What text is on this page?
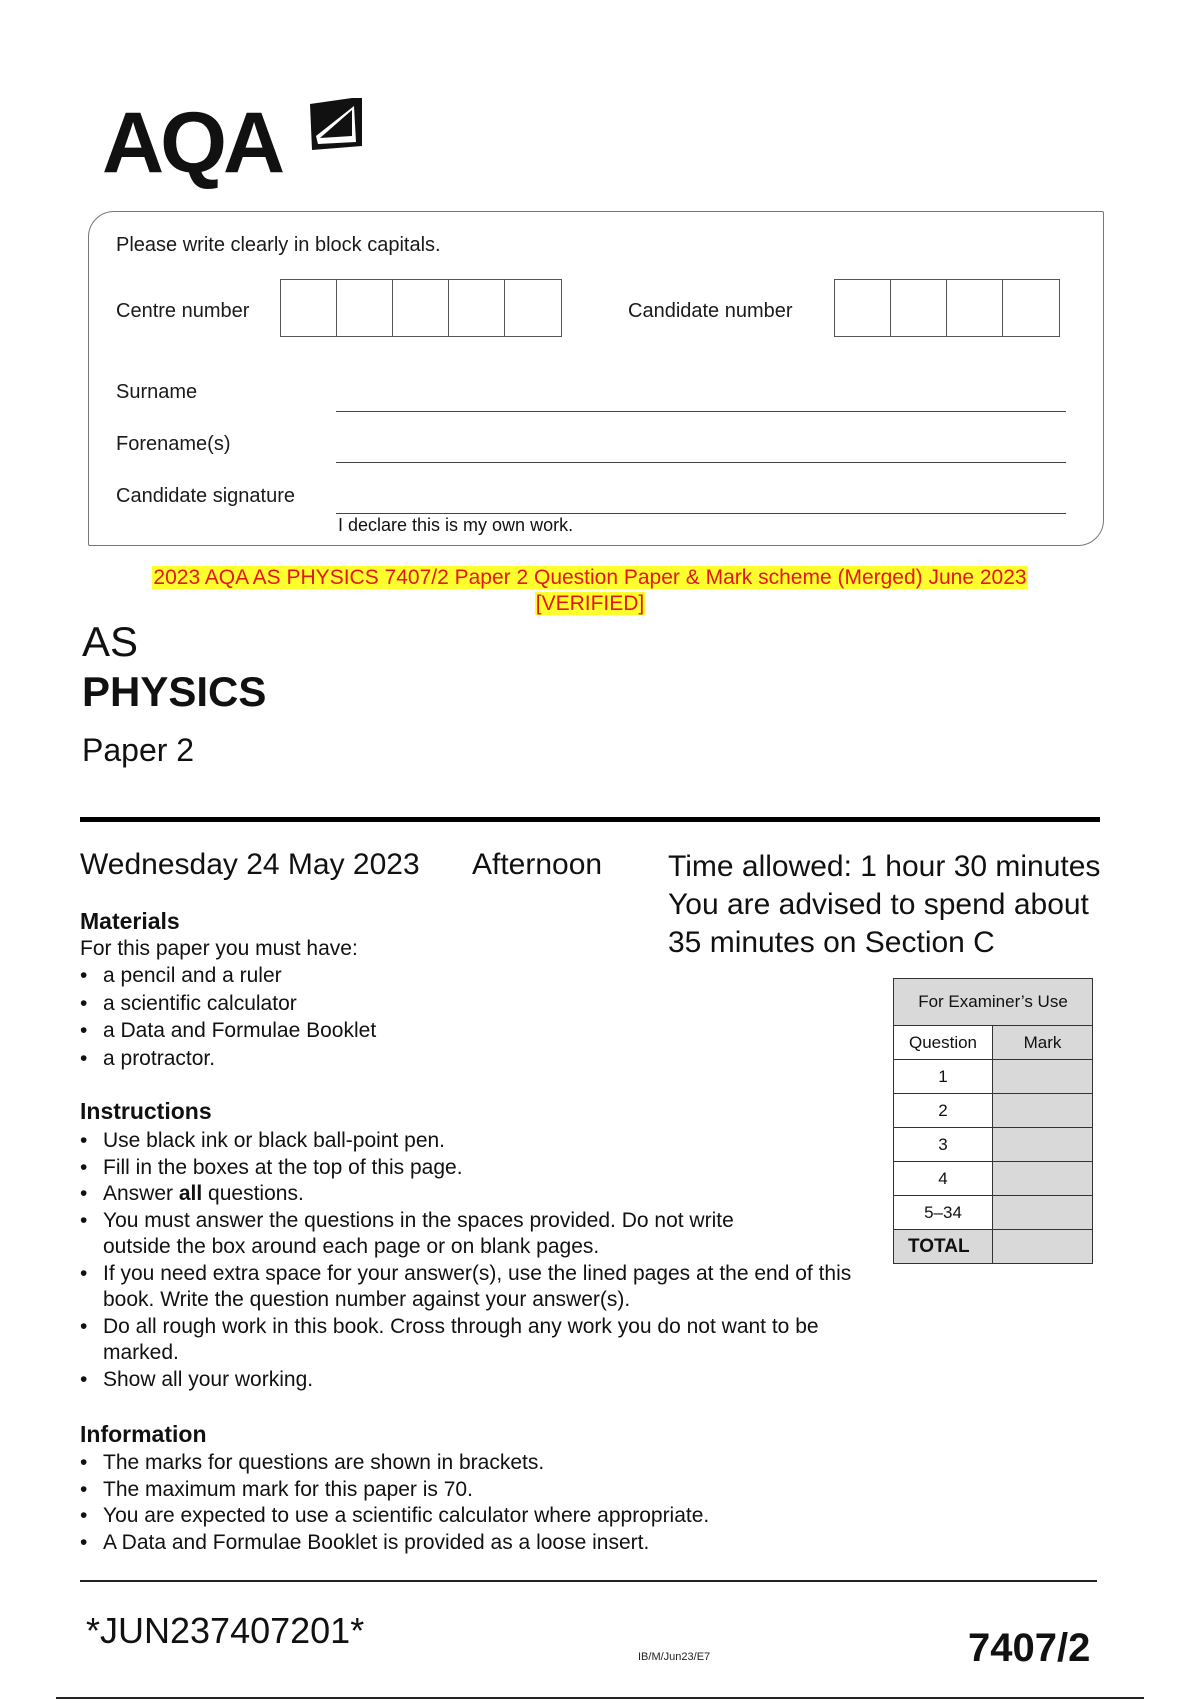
AQA
Please write clearly in block capitals.
Centre number	Candidate number
Surname
Forename(s)
Candidate signature
I declare this is my own work.
2023 AQA AS PHYSICS 7407/2 Paper 2 Question Paper & Mark scheme (Merged) June 2023
[VERIFIED]
AS
PHYSICS
Paper 2
Wednesday 24 May 2023 Afternoon Time allowed: 1 hour 30 minutes
You are advised to spend about
35 minutes on Section C
Materials
For this paper you must have:
• a pencil and a ruler
• a scientific calculator
• a Data and Formulae Booklet
• a protractor.
Instructions
• Use black ink or black ball-point pen.
• Fill in the boxes at the top of this page.
• Answer all questions.
• You must answer the questions in the spaces provided. Do not write outside the box around each page or on blank pages.
• If you need extra space for your answer(s), use the lined pages at the end of this book. Write the question number against your answer(s).
• Do all rough work in this book. Cross through any work you do not want to be marked.
• Show all your working.
Information
• The marks for questions are shown in brackets.
• The maximum mark for this paper is 70.
• You are expected to use a scientific calculator where appropriate.
• A Data and Formulae Booklet is provided as a loose insert.
For Examiner’s Use	
Question	Mark
1	
2	
3	
4	
5–34	
TOTAL	
*JUN237407201*
IB/M/Jun23/E7	7407/2
